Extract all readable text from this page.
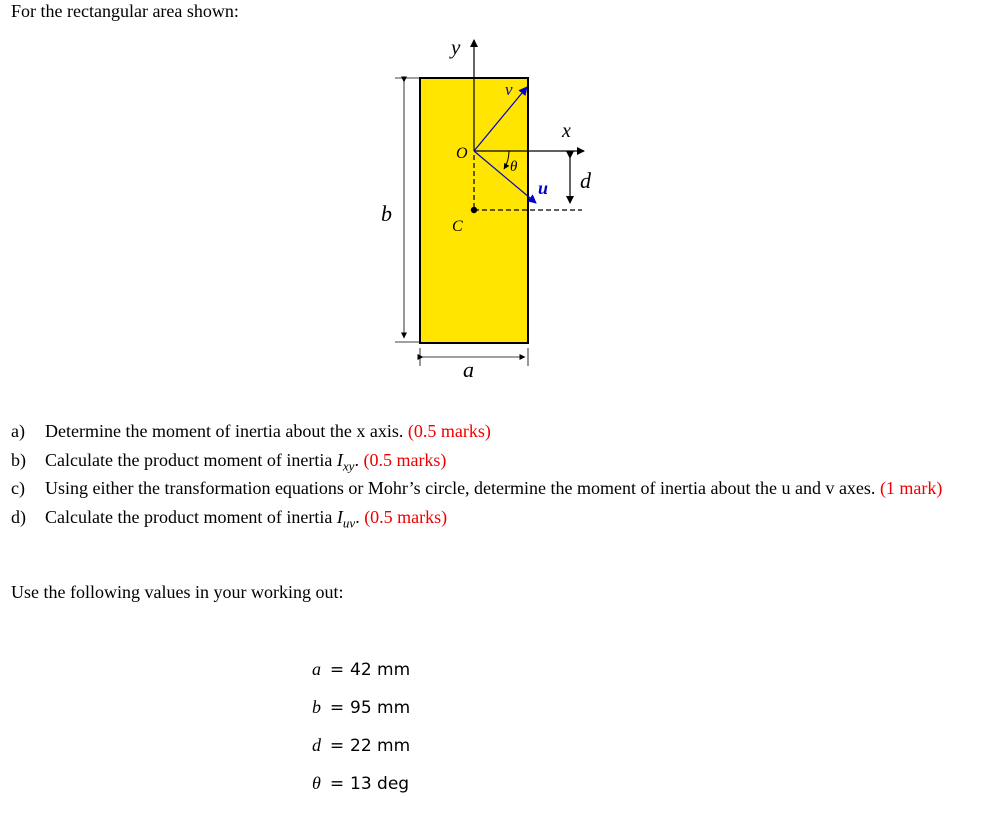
For the rectangular area shown:
y
v
x
O
θ
u d
b
C
a
a) Determine the moment of inertia about the x axis. (0.5 marks)
b) Calculate the product moment of inertia $I_{xy}$. (0.5 marks)
c) Using either the transformation equations or Mohr’s circle, determine the moment of inertia about the u and v axes. (1 mark)
d) Calculate the product moment of inertia $I_{uv}$. (0.5 marks)
Use the following values in your working out:
a = 42 mm
b = 95 mm
d = 22 mm
θ = 13 deg
